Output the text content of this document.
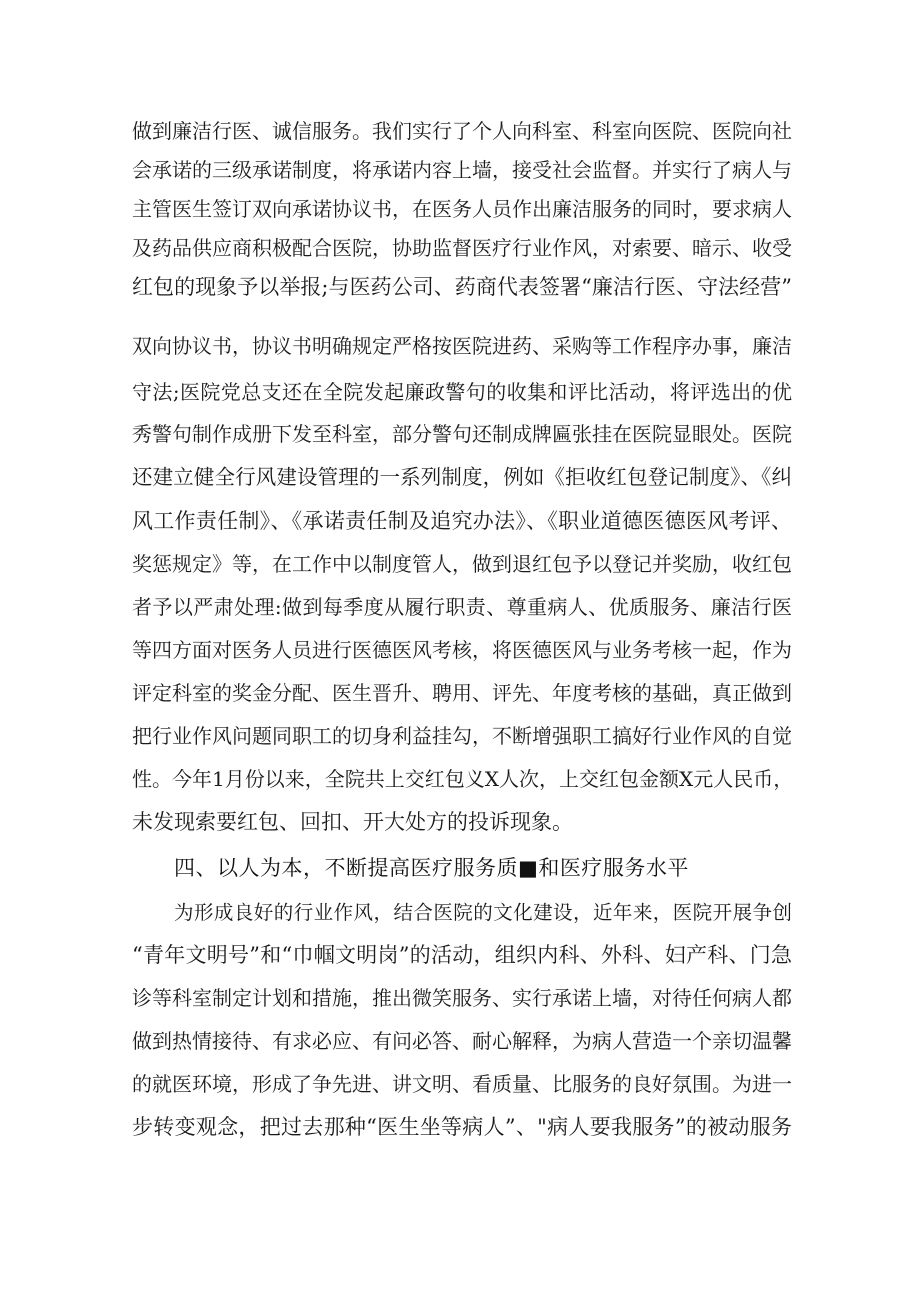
做到廉洁行医、诚信服务。我们实行了个人向科室、科室向医院、医院向社
会承诺的三级承诺制度，将承诺内容上墙，接受社会监督。并实行了病人与
主管医生签订双向承诺协议书，在医务人员作出廉洁服务的同时，要求病人
及药品供应商积极配合医院，协助监督医疗行业作风，对索要、暗示、收受
红包的现象予以举报;与医药公司、药商代表签署“廉洁行医、守法经营”
双向协议书，协议书明确规定严格按医院进药、采购等工作程序办事，廉洁
守法;医院党总支还在全院发起廉政警句的收集和评比活动，将评选出的优
秀警句制作成册下发至科室，部分警句还制成牌匾张挂在医院显眼处。医院
还建立健全行风建设管理的一系列制度，例如《拒收红包登记制度》、《纠
风工作责任制》、《承诺责任制及追究办法》、《职业道德医德医风考评、
奖惩规定》等，在工作中以制度管人，做到退红包予以登记并奖励，收红包
者予以严肃处理:做到每季度从履行职责、尊重病人、优质服务、廉洁行医
等四方面对医务人员进行医德医风考核，将医德医风与业务考核一起，作为
评定科室的奖金分配、医生晋升、聘用、评先、年度考核的基础，真正做到
把行业作风问题同职工的切身利益挂勾，不断增强职工搞好行业作风的自觉
性。今年1月份以来，全院共上交红包义X人次，上交红包金额X元人民币，
未发现索要红包、回扣、开大处方的投诉现象。
四、以人为本，不断提高医疗服务质■和医疗服务水平
为形成良好的行业作风，结合医院的文化建设，近年来，医院开展争创
“青年文明号”和“巾帼文明岗”的活动，组织内科、外科、妇产科、门急
诊等科室制定计划和措施，推出微笑服务、实行承诺上墙，对待任何病人都
做到热情接待、有求必应、有问必答、耐心解释，为病人营造一个亲切温馨
的就医环境，形成了争先进、讲文明、看质量、比服务的良好氛围。为进一
步转变观念，把过去那种“医生坐等病人”、"病人要我服务”的被动服务
